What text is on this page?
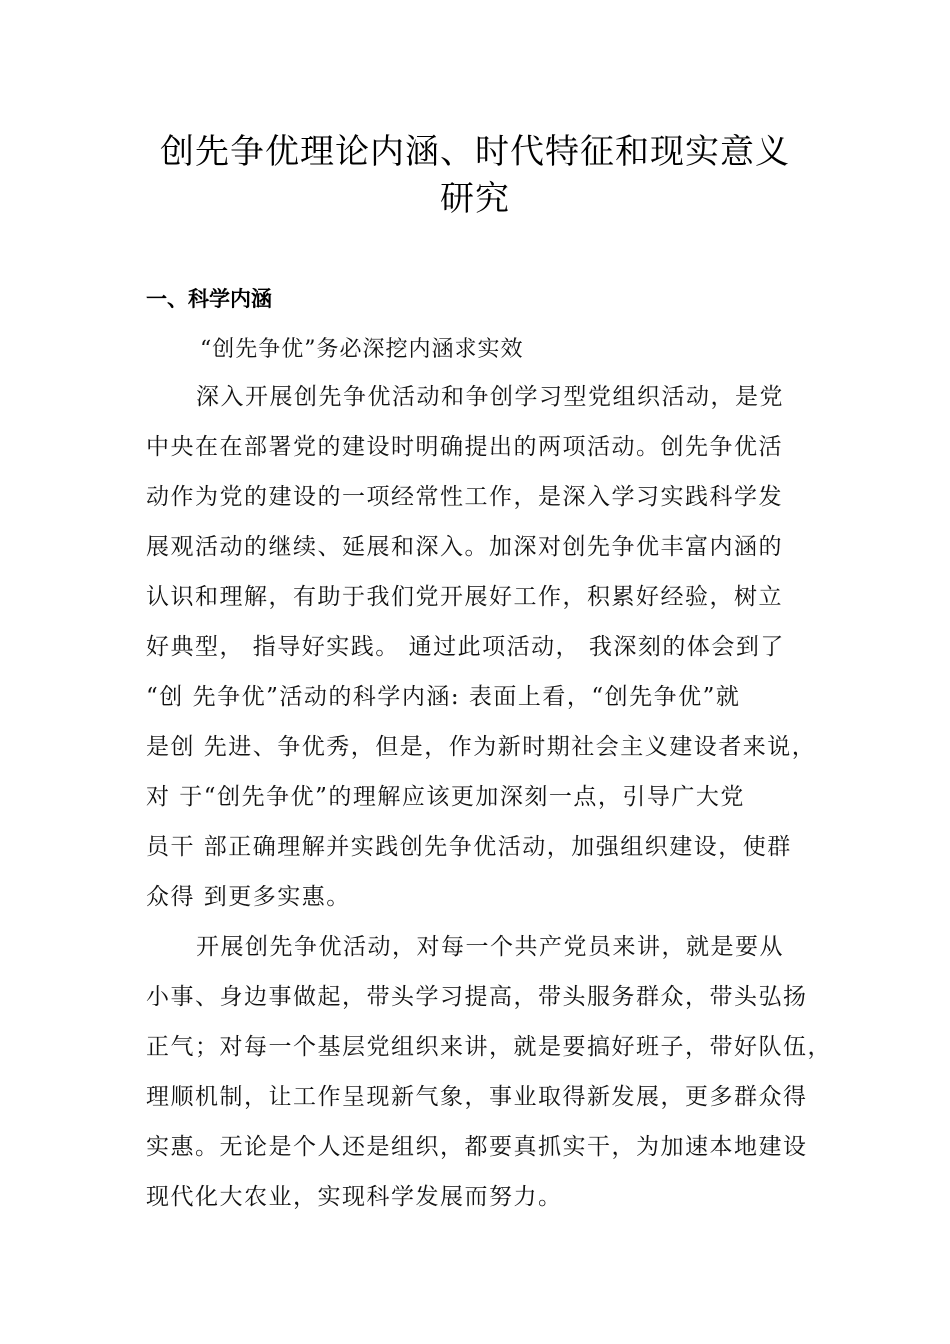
创先争优理论内涵、时代特征和现实意义
研究
一、科学内涵
“创先争优”务必深挖内涵求实效
深入开展创先争优活动和争创学习型党组织活动，是党
中央在在部署党的建设时明确提出的两项活动。创先争优活
动作为党的建设的一项经常性工作，是深入学习实践科学发
展观活动的继续、延展和深入。加深对创先争优丰富内涵的
认识和理解，有助于我们党开展好工作，积累好经验，树立
好典型， 指导好实践。 通过此项活动， 我深刻的体会到了
“创 先争优”活动的科学内涵: 表面上看，“创先争优”就
是创 先进、争优秀，但是，作为新时期社会主义建设者来说，
对 于“创先争优”的理解应该更加深刻一点，引导广大党
员干 部正确理解并实践创先争优活动，加强组织建设，使群
众得 到更多实惠。
开展创先争优活动，对每一个共产党员来讲，就是要从
小事、身边事做起，带头学习提高，带头服务群众，带头弘扬
正气；对每一个基层党组织来讲，就是要搞好班子，带好队伍，
理顺机制，让工作呈现新气象，事业取得新发展，更多群众得
实惠。无论是个人还是组织，都要真抓实干，为加速本地建设
现代化大农业，实现科学发展而努力。
